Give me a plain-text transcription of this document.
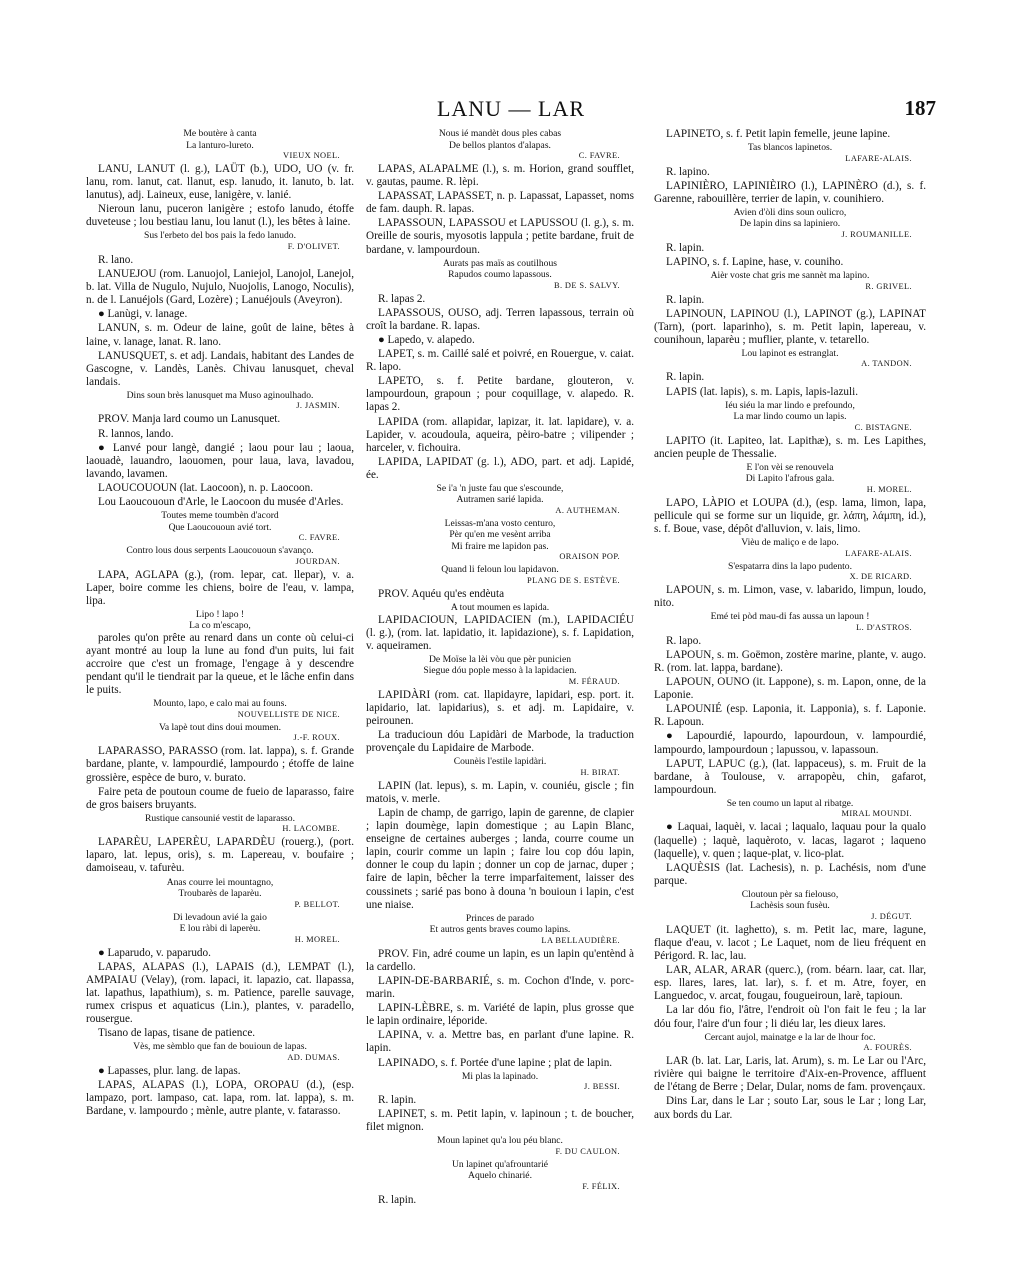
LANU — LAR	187

Me boutère à canta

La lanturo-lureto.

VIEUX NOEL.

LANU, LANUT (l. g.), LAÜT (b.), UDO, UO (v. fr. lanu, rom. lanut, cat. llanut, esp. lanudo, it. lanuto, b. lat. lanutus), adj. Laineux, euse, lanigère, v. lanié.

Nieroun lanu, puceron lanigère ; estofo lanudo, étoffe duveteuse ; lou bestiau lanu, lou lanut (l.), les bêtes à laine.

Sus l'erbeto del bos pais la fedo lanudo.

F. D'OLIVET.

R. lano.

LANUEJOU (rom. Lanuojol, Laniejol, Lanojol, Lanejol, b. lat. Villa de Nugulo, Nujulo, Nuojolis, Lanogo, Noculis), n. de l. Lanuéjols (Gard, Lozère) ; Lanuéjouls (Aveyron).

● Lanùgi, v. lanage.

LANUN, s. m. Odeur de laine, goût de laine, bêtes à laine, v. lanage, lanat. R. lano.

LANUSQUET, s. et adj. Landais, habitant des Landes de Gascogne, v. Landès, Lanès. Chivau lanusquet, cheval landais.

Dins soun brès lanusquet ma Muso aginoulhado.

J. JASMIN.

PROV. Manja lard coumo un Lanusquet.

R. lannos, lando.

● Lanvé pour langè, dangié ; laou pour lau ; laoua, laouadè, lauandro, laouomen, pour laua, lava, lavadou, lavando, lavamen.

LAOUCOUOUN (lat. Laocoon), n. p. Laocoon.

Lou Laoucououn d'Arle, le Laocoon du musée d'Arles.

Toutes meme toumbèn d'acord

Que Laoucououn avié tort.

C. FAVRE.

Contro lous dous serpents Laoucououn s'avanço.

JOURDAN.

LAPA, AGLAPA (g.), (rom. lepar, cat. llepar), v. a. Laper, boire comme les chiens, boire de l'eau, v. lampa, lipa.

Lipo ! lapo !

La co m'escapo,

paroles qu'on prête au renard dans un conte où celui-ci ayant montré au loup la lune au fond d'un puits, lui fait accroire que c'est un fromage, l'engage à y descendre pendant qu'il le tiendrait par la queue, et le lâche enfin dans le puits.

Mounto, lapo, e calo mai au founs.

NOUVELLISTE DE NICE.

Va lapè tout dins doui moumen.

J.-F. ROUX.

LAPARASSO, PARASSO (rom. lat. lappa), s. f. Grande bardane, plante, v. lampourdié, lampourdo ; étoffe de laine grossière, espèce de buro, v. burato.

Faire peta de poutoun coume de fueio de laparasso, faire de gros baisers bruyants.

Rustique cansounié vestit de laparasso.

H. LACOMBE.

LAPARÈU, LAPERÈU, LAPARDÈU (rouerg.), (port. laparo, lat. lepus, oris), s. m. Lapereau, v. boufaire ; damoiseau, v. tafurèu.

Anas courre lei mountagno,

Troubarès de laparèu.

P. BELLOT.

Di levadoun avié la gaio

E lou ràbi di laperèu.

H. MOREL.

● Laparudo, v. paparudo.

LAPAS, ALAPAS (l.), LAPAIS (d.), LEMPAT (l.), AMPAIAU (Velay), (rom. lapaci, it. lapazio, cat. llapassa, lat. lapathus, lapathium), s. m. Patience, parelle sauvage, rumex crispus et aquaticus (Lin.), plantes, v. paradello, rousergue.

Tisano de lapas, tisane de patience.

Vès, me sèmblo que fan de bouioun de lapas.

AD. DUMAS.

● Lapasses, plur. lang. de lapas.

LAPAS, ALAPAS (l.), LOPA, OROPAU (d.), (esp. lampazo, port. lampaso, cat. lapa, rom. lat. lappa), s. m. Bardane, v. lampourdo ; mènle, autre plante, v. fatarasso.

Nous ié mandèt dous ples cabas

De bellos plantos d'alapas.

C. FAVRE.

LAPAS, ALAPALME (l.), s. m. Horion, grand soufflet, v. gautas, paume. R. lèpi.

LAPASSAT, LAPASSET, n. p. Lapassat, Lapasset, noms de fam. dauph. R. lapas.

LAPASSOUN, LAPASSOU et LAPUSSOU (l. g.), s. m. Oreille de souris, myosotis lappula ; petite bardane, fruit de bardane, v. lampourdoun.

Aurats pas maïs as coutilhous

Rapudos coumo lapassous.

B. DE S. SALVY.

R. lapas 2.

LAPASSOUS, OUSO, adj. Terren lapassous, terrain où croît la bardane. R. lapas.

● Lapedo, v. alapedo.

LAPET, s. m. Caillé salé et poivré, en Rouergue, v. caiat. R. lapo.

LAPETO, s. f. Petite bardane, glouteron, v. lampourdoun, grapoun ; pour coquillage, v. alapedo. R. lapas 2.

LAPIDA (rom. allapidar, lapizar, it. lat. lapidare), v. a. Lapider, v. acoudoula, aqueira, pèiro-batre ; vilipender ; harceler, v. fichouira.

LAPIDA, LAPIDAT (g. l.), ADO, part. et adj. Lapidé, ée.

Se i'a 'n juste fau que s'escounde,

Autramen sarié lapida.

A. AUTHEMAN.

Leissas-m'ana vosto centuro,

Pèr qu'en me vesènt arriba

Mi fraire me lapidon pas.

ORAISON POP.

Quand li feloun lou lapidavon.

PLANG DE S. ESTÈVE.

PROV. Aquéu qu'es endèuta

A tout moumen es lapida.

LAPIDACIOUN, LAPIDACIEN (m.), LAPIDACIÉU (l. g.), (rom. lat. lapidatio, it. lapidazione), s. f. Lapidation, v. aqueiramen.

De Moïse la lèi vòu que pèr punicien

Siegue dóu pople messo à la lapidacien.

M. FÉRAUD.

LAPIDÀRI (rom. cat. llapidayre, lapidari, esp. port. it. lapidario, lat. lapidarius), s. et adj. m. Lapidaire, v. peirounen.

La traducioun dóu Lapidàri de Marbode, la traduction provençale du Lapidaire de Marbode.

Counèis l'estile lapidàri.

H. BIRAT.

LAPIN (lat. lepus), s. m. Lapin, v. couniéu, giscle ; fin matois, v. merle.

Lapin de champ, de garrigo, lapin de garenne, de clapier ; lapin doumège, lapin domestique ; au Lapin Blanc, enseigne de certaines auberges ; landa, courre coume un lapin, courir comme un lapin ; faire lou cop dóu lapin, donner le coup du lapin ; donner un cop de jarnac, duper ; faire de lapin, bêcher la terre imparfaitement, laisser des coussinets ; sarié pas bono à douna 'n bouioun i lapin, c'est une niaise.

Princes de parado

Et autros gents braves coumo lapins.

LA BELLAUDIÈRE.

PROV. Fin, adré coume un lapin, es un lapin qu'entènd à la cardello.

LAPIN-DE-BARBARIÉ, s. m. Cochon d'Inde, v. porc-marin.

LAPIN-LÈBRE, s. m. Variété de lapin, plus grosse que le lapin ordinaire, léporide.

LAPINA, v. a. Mettre bas, en parlant d'une lapine. R. lapin.

LAPINADO, s. f. Portée d'une lapine ; plat de lapin.

Mi plas la lapinado.

J. BESSI.

R. lapin.

LAPINET, s. m. Petit lapin, v. lapinoun ; t. de boucher, filet mignon.

Moun lapinet qu'a lou péu blanc.

F. DU CAULON.

Un lapinet qu'afrountarié

Aquelo chinarié.

F. FÉLIX.

R. lapin.

LAPINETO, s. f. Petit lapin femelle, jeune lapine.

Tas blancos lapinetos.

LAFARE-ALAIS.

R. lapino.

LAPINIÈRO, LAPINIÈIRO (l.), LAPINÈRO (d.), s. f. Garenne, rabouillère, terrier de lapin, v. counihiero.

Avien d'òli dins soun oulicro,

De lapin dins sa lapiniero.

J. ROUMANILLE.

R. lapin.

LAPINO, s. f. Lapine, hase, v. couniho.

Aièr voste chat gris me sannèt ma lapino.

R. GRIVEL.

R. lapin.

LAPINOUN, LAPINOU (l.), LAPINOT (g.), LAPINAT (Tarn), (port. laparinho), s. m. Petit lapin, lapereau, v. counihoun, laparèu ; muflier, plante, v. tetarello.

Lou lapinot es estranglat.

A. TANDON.

R. lapin.

LAPIS (lat. lapis), s. m. Lapis, lapis-lazuli.

Iéu siéu la mar lindo e prefoundo,

La mar lindo coumo un lapis.

C. BISTAGNE.

LAPITO (it. Lapiteo, lat. Lapithæ), s. m. Les Lapithes, ancien peuple de Thessalie.

E l'on vèi se renouvela

Di Lapito l'afrous gala.

H. MOREL.

LAPO, LÀPIO et LOUPA (d.), (esp. lama, limon, lapa, pellicule qui se forme sur un liquide, gr. λάπη, λάμπη, id.), s. f. Boue, vase, dépôt d'alluvion, v. lais, limo.

Vièu de maliço e de lapo.

LAFARE-ALAIS.

S'espatarra dins la lapo pudento.

X. DE RICARD.

LAPOUN, s. m. Limon, vase, v. labarido, limpun, loudo, nito.

Emé tei pòd mau-di fas aussa un lapoun !

L. D'ASTROS.

R. lapo.

LAPOUN, s. m. Goëmon, zostère marine, plante, v. augo. R. (rom. lat. lappa, bardane).

LAPOUN, OUNO (it. Lappone), s. m. Lapon, onne, de la Laponie.

LAPOUNIÉ (esp. Laponia, it. Lapponia), s. f. Laponie. R. Lapoun.

● Lapourdié, lapourdo, lapourdoun, v. lampourdié, lampourdo, lampourdoun ; lapussou, v. lapassoun.

LAPUT, LAPUC (g.), (lat. lappaceus), s. m. Fruit de la bardane, à Toulouse, v. arrapopèu, chin, gafarot, lampourdoun.

Se ten coumo un laput al ribatge.

MIRAL MOUNDI.

● Laquai, laquèi, v. lacai ; laqualo, laquau pour la qualo (laquelle) ; laquè, laquèroto, v. lacas, lagarot ; laqueno (laquelle), v. quen ; laque-plat, v. lico-plat.

LAQUÈSIS (lat. Lachesis), n. p. Lachésis, nom d'une parque.

Cloutoun pèr sa fielouso,

Lachèsis soun fusèu.

J. DÉGUT.

LAQUET (it. laghetto), s. m. Petit lac, mare, lagune, flaque d'eau, v. lacot ; Le Laquet, nom de lieu fréquent en Périgord. R. lac, lau.

LAR, ALAR, ARAR (querc.), (rom. béarn. laar, cat. llar, esp. llares, lares, lat. lar), s. f. et m. Atre, foyer, en Languedoc, v. arcat, fougau, fougueiroun, larè, tapioun.

La lar dóu fio, l'âtre, l'endroit où l'on fait le feu ; la lar dóu four, l'aire d'un four ; li diéu lar, les dieux lares.

Cercant aujol, mainatge e la lar de lhour foc.

A. FOURÈS.

LAR (b. lat. Lar, Laris, lat. Arum), s. m. Le Lar ou l'Arc, rivière qui baigne le territoire d'Aix-en-Provence, affluent de l'étang de Berre ; Delar, Dular, noms de fam. provençaux.

Dins Lar, dans le Lar ; souto Lar, sous le Lar ; long Lar, aux bords du Lar.
